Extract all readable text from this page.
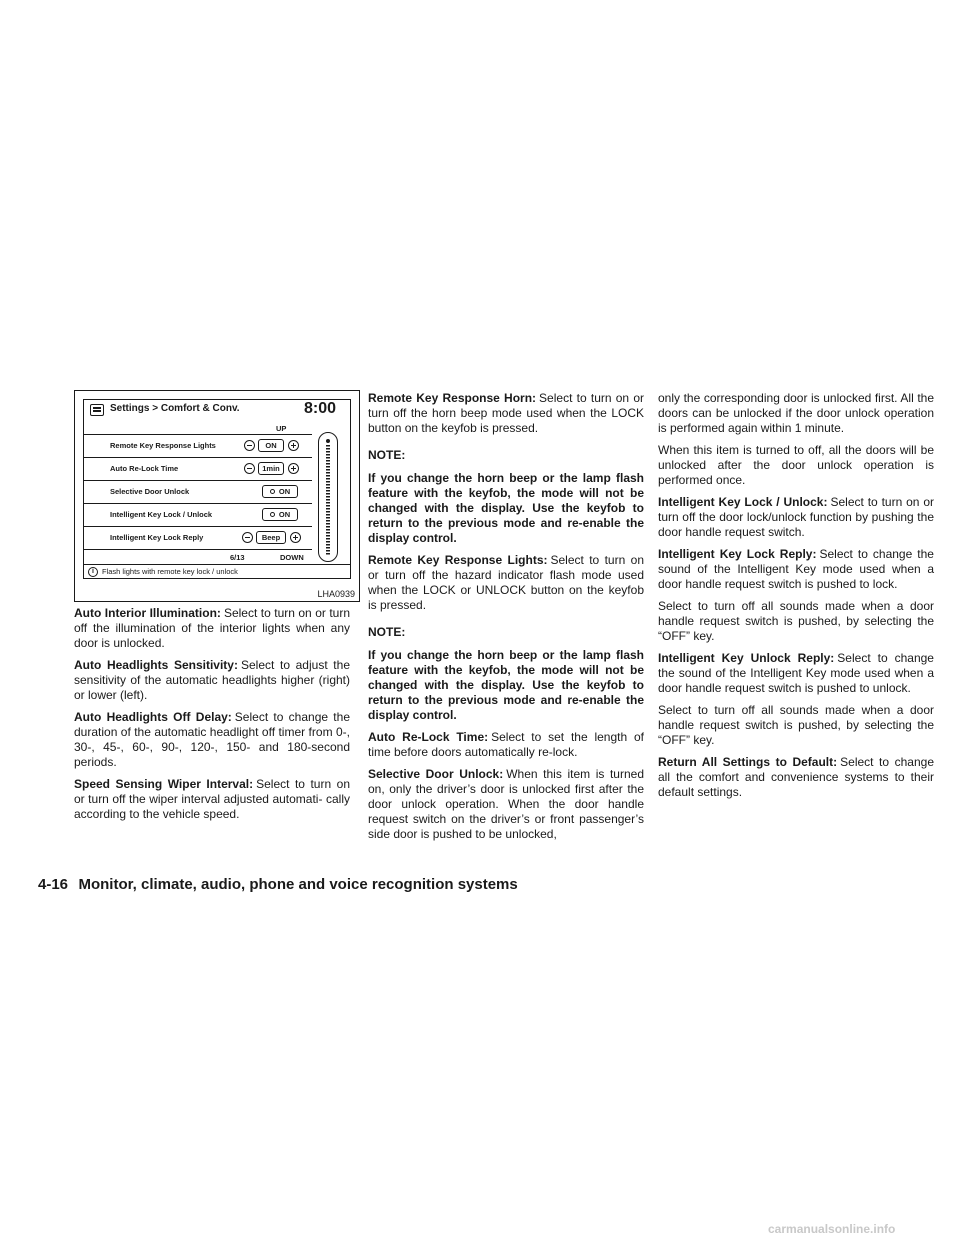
Settings > Comfort & Conv.	8:00
UP
Remote Key Response Lights	ON
Auto Re-Lock Time	1min
Selective Door Unlock	ON
Intelligent Key Lock / Unlock	ON
Intelligent Key Lock Reply	Beep
6/13	DOWN
i	Flash lights with remote key lock / unlock
LHA0939

Auto Interior Illumination: Select to turn on or turn off the illumination of the interior lights when any door is unlocked.

Auto Headlights Sensitivity: Select to adjust the sensitivity of the automatic headlights higher (right) or lower (left).

Auto Headlights Off Delay: Select to change the duration of the automatic headlight off timer from 0-, 30-, 45-, 60-, 90-, 120-, 150- and 180-second periods.

Speed Sensing Wiper Interval: Select to turn on or turn off the wiper interval adjusted automati- cally according to the vehicle speed.

Remote Key Response Horn: Select to turn on or turn off the horn beep mode used when the LOCK button on the keyfob is pressed.

NOTE:

If you change the horn beep or the lamp flash feature with the keyfob, the mode will not be changed with the display. Use the keyfob to return to the previous mode and re-enable the display control.

Remote Key Response Lights: Select to turn on or turn off the hazard indicator flash mode used when the LOCK or UNLOCK button on the keyfob is pressed.

NOTE:

If you change the horn beep or the lamp flash feature with the keyfob, the mode will not be changed with the display. Use the keyfob to return to the previous mode and re-enable the display control.

Auto Re-Lock Time: Select to set the length of time before doors automatically re-lock.

Selective Door Unlock: When this item is turned on, only the driver’s door is unlocked first after the door unlock operation. When the door handle request switch on the driver’s or front passenger’s side door is pushed to be unlocked,

only the corresponding door is unlocked first. All the doors can be unlocked if the door unlock operation is performed again within 1 minute.

When this item is turned to off, all the doors will be unlocked after the door unlock operation is performed once.

Intelligent Key Lock / Unlock: Select to turn on or turn off the door lock/unlock function by pushing the door handle request switch.

Intelligent Key Lock Reply: Select to change the sound of the Intelligent Key mode used when a door handle request switch is pushed to lock.

Select to turn off all sounds made when a door handle request switch is pushed, by selecting the “OFF” key.

Intelligent Key Unlock Reply: Select to change the sound of the Intelligent Key mode used when a door handle request switch is pushed to unlock.

Select to turn off all sounds made when a door handle request switch is pushed, by selecting the “OFF” key.

Return All Settings to Default: Select to change all the comfort and convenience systems to their default settings.

4-16 Monitor, climate, audio, phone and voice recognition systems
carmanualsonline.info
